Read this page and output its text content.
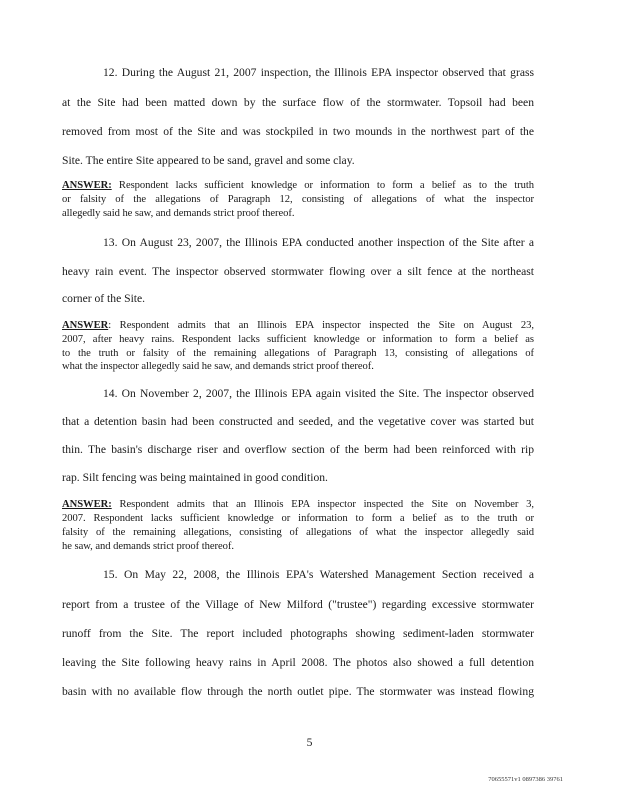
12. During the August 21, 2007 inspection, the Illinois EPA inspector observed that grass
at the Site had been matted down by the surface flow of the stormwater. Topsoil had been
removed from most of the Site and was stockpiled in two mounds in the northwest part of the
Site. The entire Site appeared to be sand, gravel and some clay.
ANSWER: Respondent lacks sufficient knowledge or information to form a belief as to the truth
or falsity of the allegations of Paragraph 12, consisting of allegations of what the inspector
allegedly said he saw, and demands strict proof thereof.
13. On August 23, 2007, the Illinois EPA conducted another inspection of the Site after a
heavy rain event. The inspector observed stormwater flowing over a silt fence at the northeast
corner of the Site.
ANSWER: Respondent admits that an Illinois EPA inspector inspected the Site on August 23,
2007, after heavy rains. Respondent lacks sufficient knowledge or information to form a belief as
to the truth or falsity of the remaining allegations of Paragraph 13, consisting of allegations of
what the inspector allegedly said he saw, and demands strict proof thereof.
14. On November 2, 2007, the Illinois EPA again visited the Site. The inspector observed
that a detention basin had been constructed and seeded, and the vegetative cover was started but
thin. The basin's discharge riser and overflow section of the berm had been reinforced with rip
rap. Silt fencing was being maintained in good condition.
ANSWER: Respondent admits that an Illinois EPA inspector inspected the Site on November 3,
2007. Respondent lacks sufficient knowledge or information to form a belief as to the truth or
falsity of the remaining allegations, consisting of allegations of what the inspector allegedly said
he saw, and demands strict proof thereof.
15. On May 22, 2008, the Illinois EPA's Watershed Management Section received a
report from a trustee of the Village of New Milford ("trustee") regarding excessive stormwater
runoff from the Site. The report included photographs showing sediment-laden stormwater
leaving the Site following heavy rains in April 2008. The photos also showed a full detention
basin with no available flow through the north outlet pipe. The stormwater was instead flowing
5
70655571v1 0897386 39761
